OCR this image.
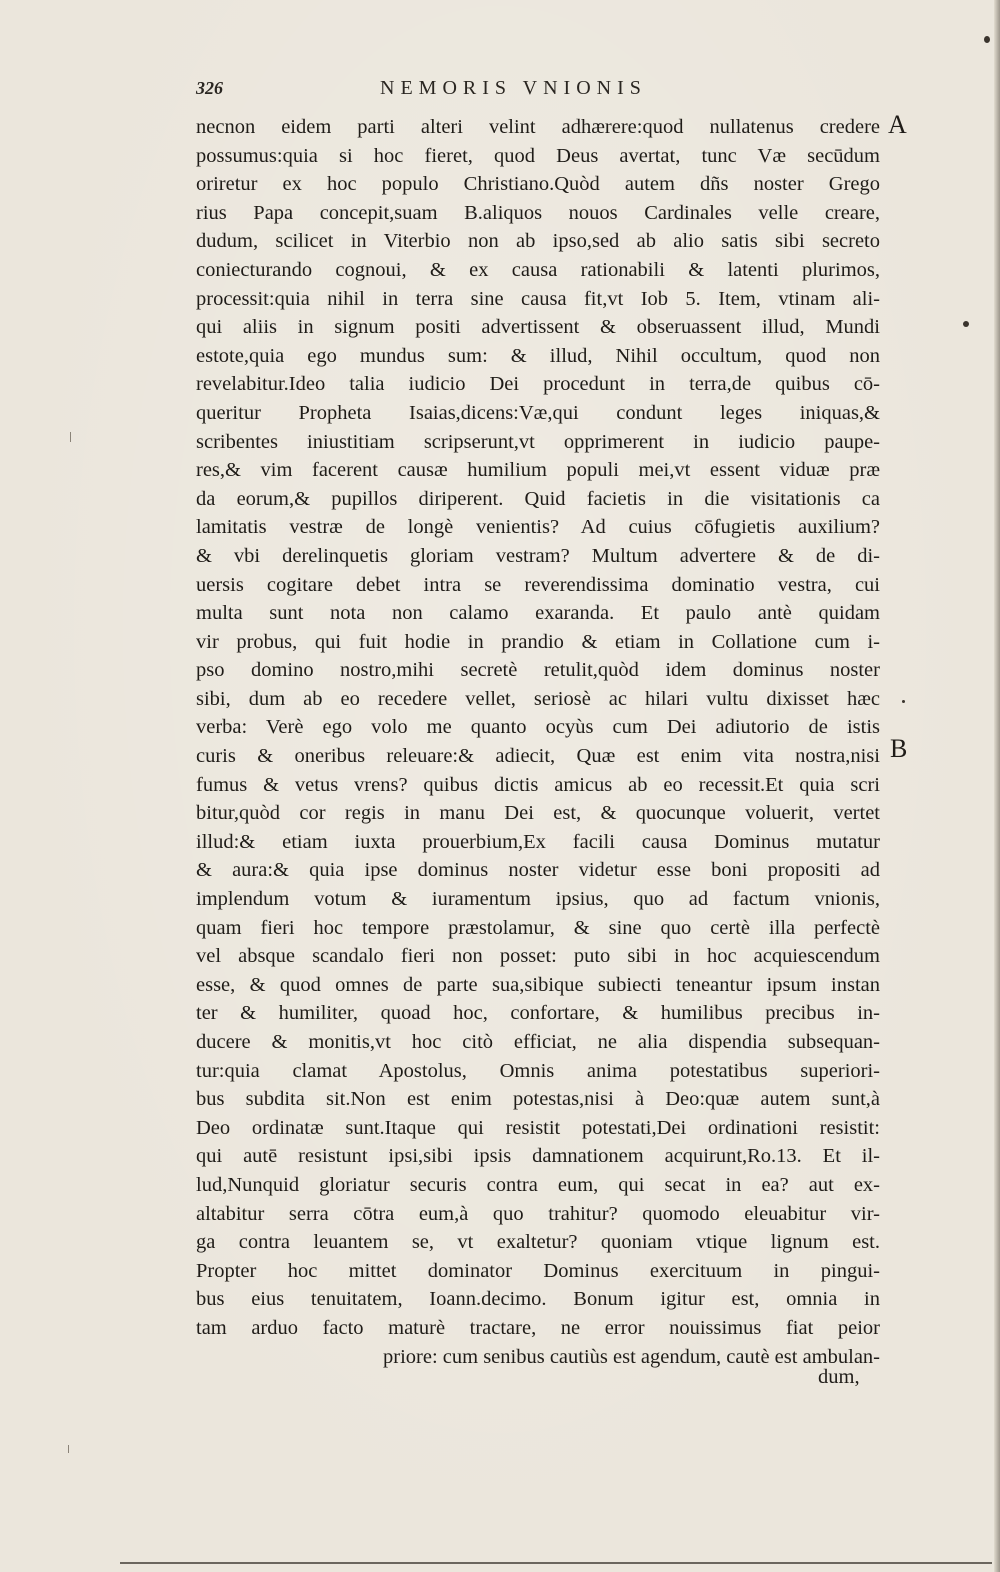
326	NEMORIS VNIONIS
necnon eidem parti alteri velint adhærere:quod nullatenus credere
possumus:quia si hoc fieret, quod Deus avertat, tunc Væ secūdum
oriretur ex hoc populo Christiano.Quòd autem dñs noster Grego
rius Papa concepit,suam B.aliquos nouos Cardinales velle creare,
dudum, scilicet in Viterbio non ab ipso,sed ab alio satis sibi secreto
coniecturando cognoui, & ex causa rationabili & latenti plurimos,
processit:quia nihil in terra sine causa fit,vt Iob 5. Item, vtinam ali-
qui aliis in signum positi advertissent & obseruassent illud, Mundi
estote,quia ego mundus sum: & illud, Nihil occultum, quod non
revelabitur.Ideo talia iudicio Dei procedunt in terra,de quibus cō-
queritur Propheta Isaias,dicens:Væ,qui condunt leges iniquas,&
scribentes iniustitiam scripserunt,vt opprimerent in iudicio paupe-
res,& vim facerent causæ humilium populi mei,vt essent viduæ præ
da eorum,& pupillos diriperent. Quid facietis in die visitationis ca
lamitatis vestræ de longè venientis? Ad cuius cōfugietis auxilium?
& vbi derelinquetis gloriam vestram? Multum advertere & de di-
uersis cogitare debet intra se reverendissima dominatio vestra, cui
multa sunt nota non calamo exaranda. Et paulo antè quidam
vir probus, qui fuit hodie in prandio & etiam in Collatione cum i-
pso domino nostro,mihi secretè retulit,quòd idem dominus noster
sibi, dum ab eo recedere vellet, seriosè ac hilari vultu dixisset hæc
verba: Verè ego volo me quanto ocyùs cum Dei adiutorio de istis
curis & oneribus releuare:& adiecit, Quæ est enim vita nostra,nisi
fumus & vetus vrens? quibus dictis amicus ab eo recessit.Et quia scri
bitur,quòd cor regis in manu Dei est, & quocunque voluerit, vertet
illud:& etiam iuxta prouerbium,Ex facili causa Dominus mutatur
& aura:& quia ipse dominus noster videtur esse boni propositi ad
implendum votum & iuramentum ipsius, quo ad factum vnionis,
quam fieri hoc tempore præstolamur, & sine quo certè illa perfectè
vel absque scandalo fieri non posset: puto sibi in hoc acquiescendum
esse, & quod omnes de parte sua,sibique subiecti teneantur ipsum instan
ter & humiliter, quoad hoc, confortare, & humilibus precibus in-
ducere & monitis,vt hoc citò efficiat, ne alia dispendia subsequan-
tur:quia clamat Apostolus, Omnis anima potestatibus superiori-
bus subdita sit.Non est enim potestas,nisi à Deo:quæ autem sunt,à
Deo ordinatæ sunt.Itaque qui resistit potestati,Dei ordinationi resistit:
qui autē resistunt ipsi,sibi ipsis damnationem acquirunt,Ro.13. Et il-
lud,Nunquid gloriatur securis contra eum, qui secat in ea? aut ex-
altabitur serra cōtra eum,à quo trahitur? quomodo eleuabitur vir-
ga contra leuantem se, vt exaltetur? quoniam vtique lignum est.
Propter hoc mittet dominator Dominus exercituum in pingui-
bus eius tenuitatem, Ioann.decimo. Bonum igitur est, omnia in
tam arduo facto maturè tractare, ne error nouissimus fiat peior
priore: cum senibus cautiùs est agendum, cautè est ambulan-
dum,
A
B
